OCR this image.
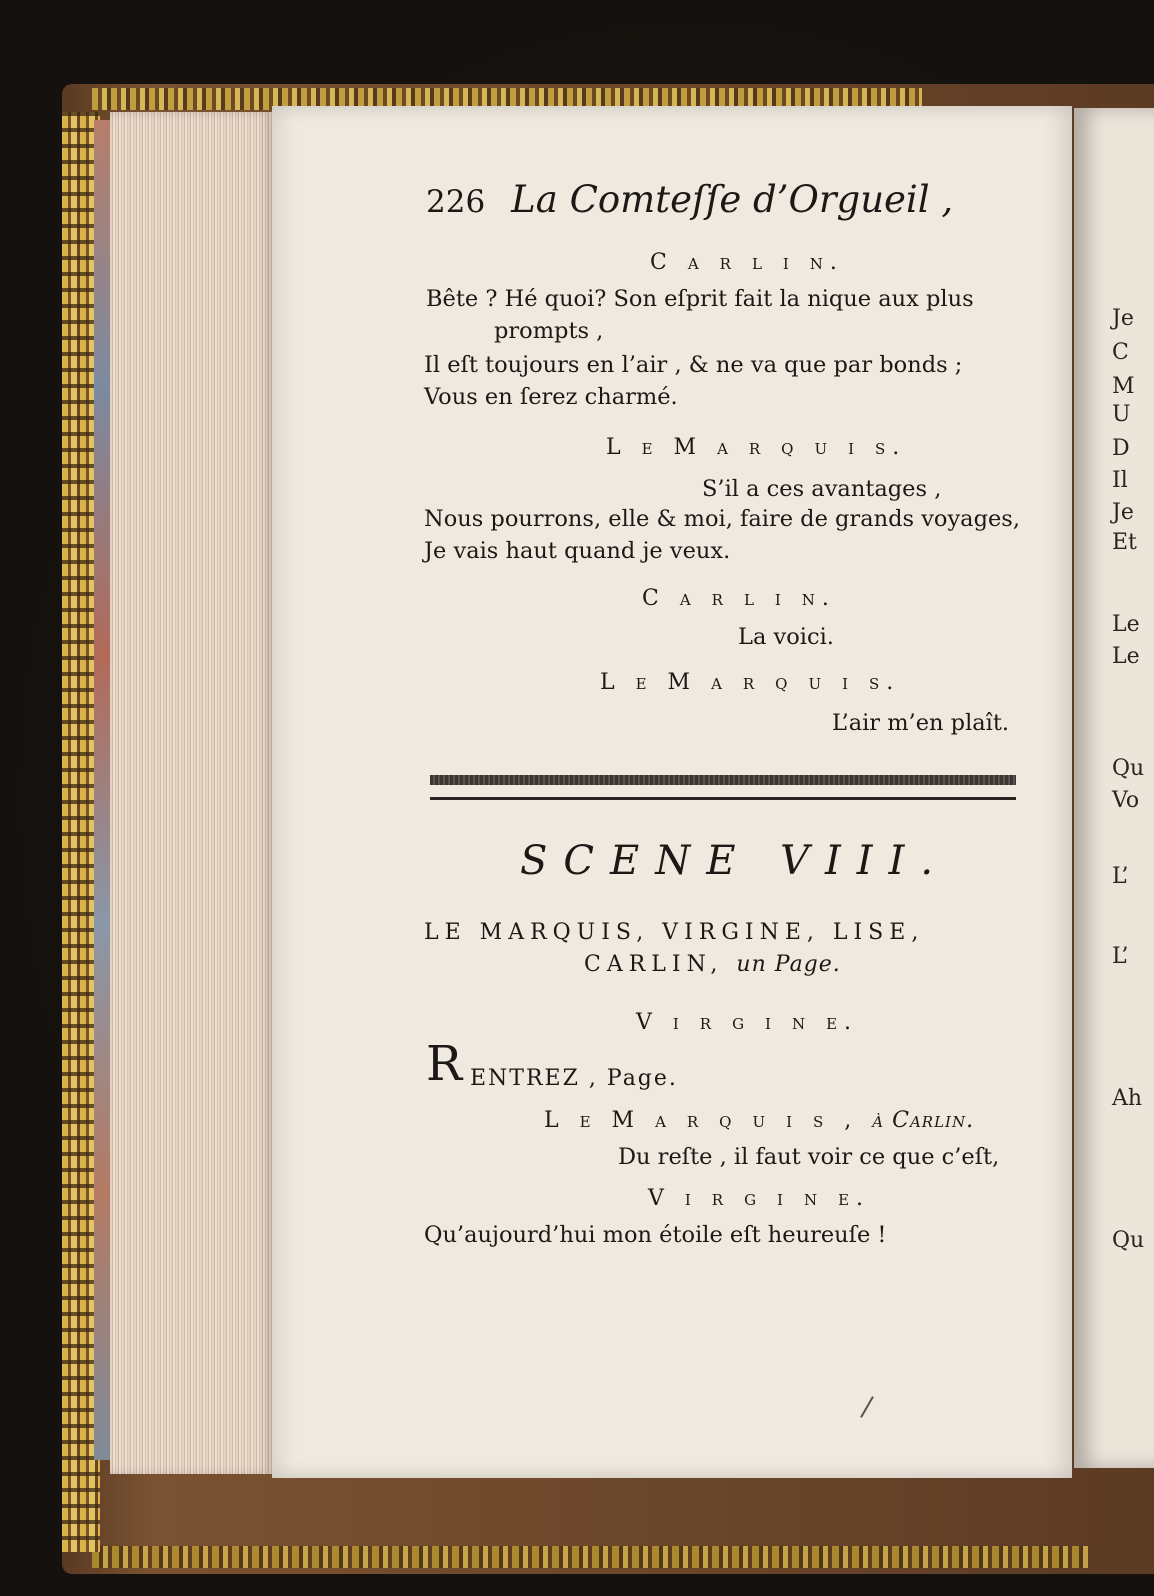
Je
C
M
U
D
Il
Je
Et
Le
Le
Qu
Vo
L’
L’
Ah
Qu
226 La Comteſſe d’Orgueil ,
C a r l i n.
Bête ? Hé quoi? Son eſprit fait la nique aux plus
prompts ,
Il eſt toujours en l’air , & ne va que par bonds ;
Vous en ſerez charmé.
L e M a r q u i s.
S’il a ces avantages ,
Nous pourrons, elle & moi, faire de grands voyages,
Je vais haut quand je veux.
C a r l i n.
La voici.
L e M a r q u i s.
L’air m’en plaît.
SCENE VIII.
LE MARQUIS, VIRGINE, LISE,
CARLIN, un Page.
V i r g i n e.
R ENTREZ , Page.
L e M a r q u i s , à Carlin.
Du reſte , il faut voir ce que c’eſt,
V i r g i n e.
Qu’aujourd’hui mon étoile eſt heureuſe !
